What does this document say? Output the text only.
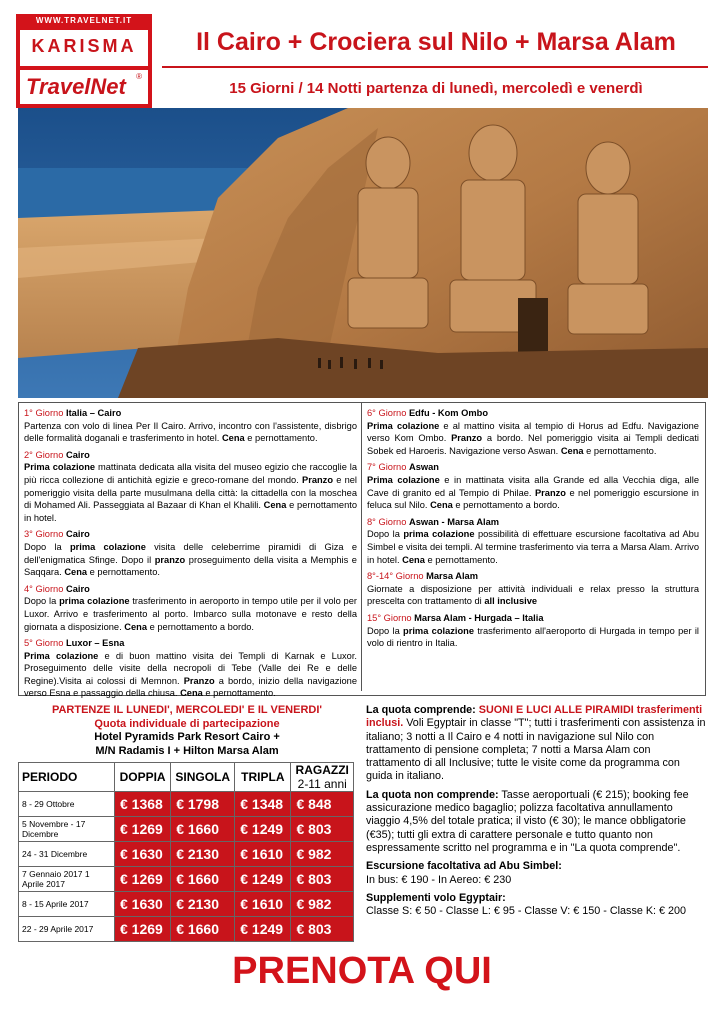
WWW.TRAVELNET.IT
KARISMA
TravelNet ®
Il Cairo + Crociera sul Nilo + Marsa Alam
15 Giorni / 14 Notti partenza di lunedì, mercoledì e venerdì
1° Giorno Italia – Cairo
Partenza con volo di linea Per Il Cairo. Arrivo, incontro con l'assistente, disbrigo delle formalità doganali e trasferimento in hotel. Cena e pernottamento.
2° Giorno Cairo
Prima colazione mattinata dedicata alla visita del museo egizio che raccoglie la più ricca collezione di antichità egizie e greco-romane del mondo. Pranzo e nel pomeriggio visita della parte musulmana della città: la cittadella con la moschea di Mohamed Ali. Passeggiata al Bazaar di Khan el Khalili. Cena e pernottamento in hotel.
3° Giorno Cairo
Dopo la prima colazione visita delle celeberrime piramidi di Giza e dell'enigmatica Sfinge. Dopo il pranzo proseguimento della visita a Memphis e Saqqara. Cena e pernottamento.
4° Giorno Cairo
Dopo la prima colazione trasferimento in aeroporto in tempo utile per il volo per Luxor. Arrivo e trasferimento al porto. Imbarco sulla motonave e resto della giornata a disposizione. Cena e pernottamento a bordo.
5° Giorno Luxor – Esna
Prima colazione e di buon mattino visita dei Templi di Karnak e Luxor. Proseguimento delle visite della necropoli di Tebe (Valle dei Re e delle Regine).Visita ai colossi di Memnon. Pranzo a bordo, inizio della navigazione verso Esna e passaggio della chiusa. Cena e pernottamento.
6° Giorno Edfu - Kom Ombo
Prima colazione e al mattino visita al tempio di Horus ad Edfu. Navigazione verso Kom Ombo. Pranzo a bordo. Nel pomeriggio visita ai Templi dedicati Sobek ed Haroeris. Navigazione verso Aswan. Cena e pernottamento.
7° Giorno Aswan
Prima colazione e in mattinata visita alla Grande ed alla Vecchia diga, alle Cave di granito ed al Tempio di Philae. Pranzo e nel pomeriggio escursione in feluca sul Nilo. Cena e pernottamento a bordo.
8° Giorno Aswan - Marsa Alam
Dopo la prima colazione possibilità di effettuare escursione facoltativa ad Abu Simbel e visita dei templi. Al termine trasferimento via terra a Marsa Alam. Arrivo in hotel. Cena e pernottamento.
8°-14° Giorno Marsa Alam
Giornate a disposizione per attività individuali e relax presso la struttura prescelta con trattamento di all inclusive
15° Giorno Marsa Alam - Hurgada – Italia
Dopo la prima colazione trasferimento all'aeroporto di Hurgada in tempo per il volo di rientro in Italia.
PARTENZE IL LUNEDI', MERCOLEDI' E IL VENERDI'
Quota individuale di partecipazione
Hotel Pyramids Park Resort Cairo +
M/N Radamis I + Hilton Marsa Alam
PERIODO	DOPPIA	SINGOLA	TRIPLA	RAGAZZI
2-11 anni
8 - 29 Ottobre	€ 1368	€ 1798	€ 1348	€ 848
5 Novembre - 17 Dicembre	€ 1269	€ 1660	€ 1249	€ 803
24 - 31 Dicembre	€ 1630	€ 2130	€ 1610	€ 982
7 Gennaio 2017 1 Aprile 2017	€ 1269	€ 1660	€ 1249	€ 803
8 - 15 Aprile 2017	€ 1630	€ 2130	€ 1610	€ 982
22 - 29 Aprile 2017	€ 1269	€ 1660	€ 1249	€ 803

La quota comprende: SUONI E LUCI ALLE PIRAMIDI trasferimenti inclusi. Voli Egyptair in classe "T"; tutti i trasferimenti con assistenza in italiano; 3 notti a Il Cairo e 4 notti in navigazione sul Nilo con trattamento di pensione completa; 7 notti a Marsa Alam con trattamento di all Inclusive; tutte le visite come da programma con guida in italiano.

La quota non comprende: Tasse aeroportuali (€ 215); booking fee assicurazione medico bagaglio; polizza facoltativa annullamento viaggio 4,5% del totale pratica; il visto (€ 30); le mance obbligatorie (€35); tutti gli extra di carattere personale e tutto quanto non espressamente scritto nel programma e in "La quota comprende".

Escursione facoltativa ad Abu Simbel:
In bus: € 190 - In Aereo: € 230

Supplementi volo Egyptair:
Classe S: € 50 - Classe L: € 95 - Classe V: € 150 - Classe K: € 200

PRENOTA QUI
